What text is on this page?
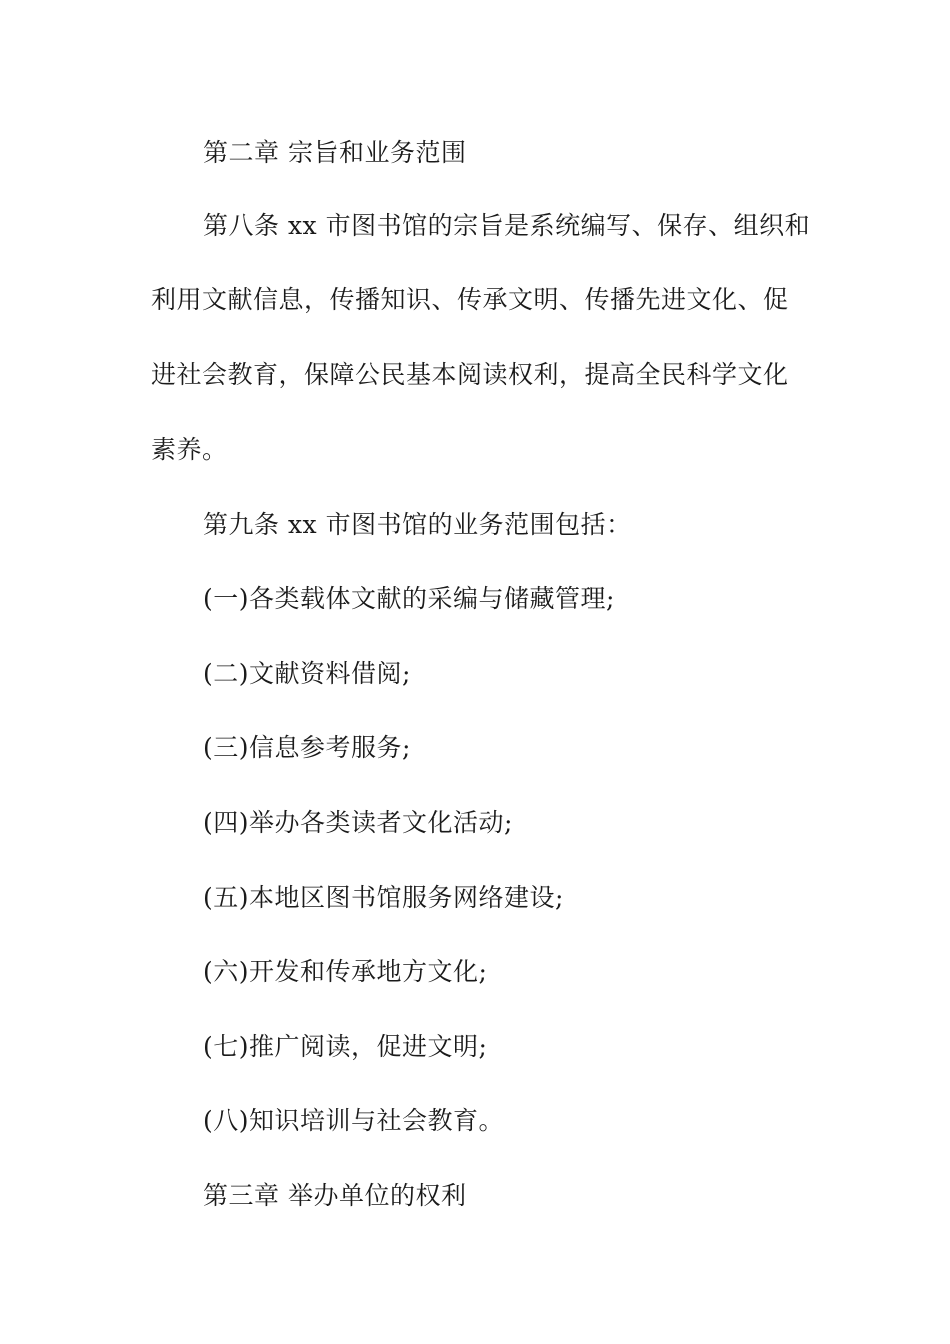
第二章 宗旨和业务范围
第八条 xx 市图书馆的宗旨是系统编写、保存、组织和
利用文献信息，传播知识、传承文明、传播先进文化、促
进社会教育，保障公民基本阅读权利，提高全民科学文化
素养。
第九条 xx 市图书馆的业务范围包括：
(一)各类载体文献的采编与储藏管理;
(二)文献资料借阅;
(三)信息参考服务;
(四)举办各类读者文化活动;
(五)本地区图书馆服务网络建设;
(六)开发和传承地方文化;
(七)推广阅读，促进文明;
(八)知识培训与社会教育。
第三章 举办单位的权利
